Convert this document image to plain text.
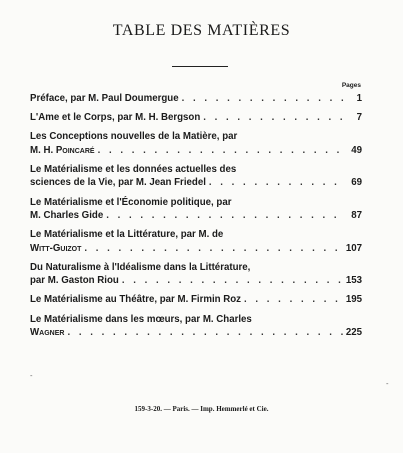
TABLE DES MATIÈRES
Pages
Préface, par M. Paul Doumergue . . .	1
L'Ame et le Corps, par M. H. Bergson . . .	7
Les Conceptions nouvelles de la Matière, par
M. H. Poincaré . . .	49
Le Matérialisme et les données actuelles des
sciences de la Vie, par M. Jean Friedel . . .	69
Le Matérialisme et l'Économie politique, par
M. Charles Gide . . .	87
Le Matérialisme et la Littérature, par M. de
Witt-Guizot . . .	107
Du Naturalisme à l'Idéalisme dans la Littérature,
par M. Gaston Riou . . .	153
Le Matérialisme au Théâtre, par M. Firmin Roz . . .	195
Le Matérialisme dans les mœurs, par M. Charles
Wagner . . .	225
-
-
159-3-20. — Paris. — Imp. Hemmerlé et Cie.
